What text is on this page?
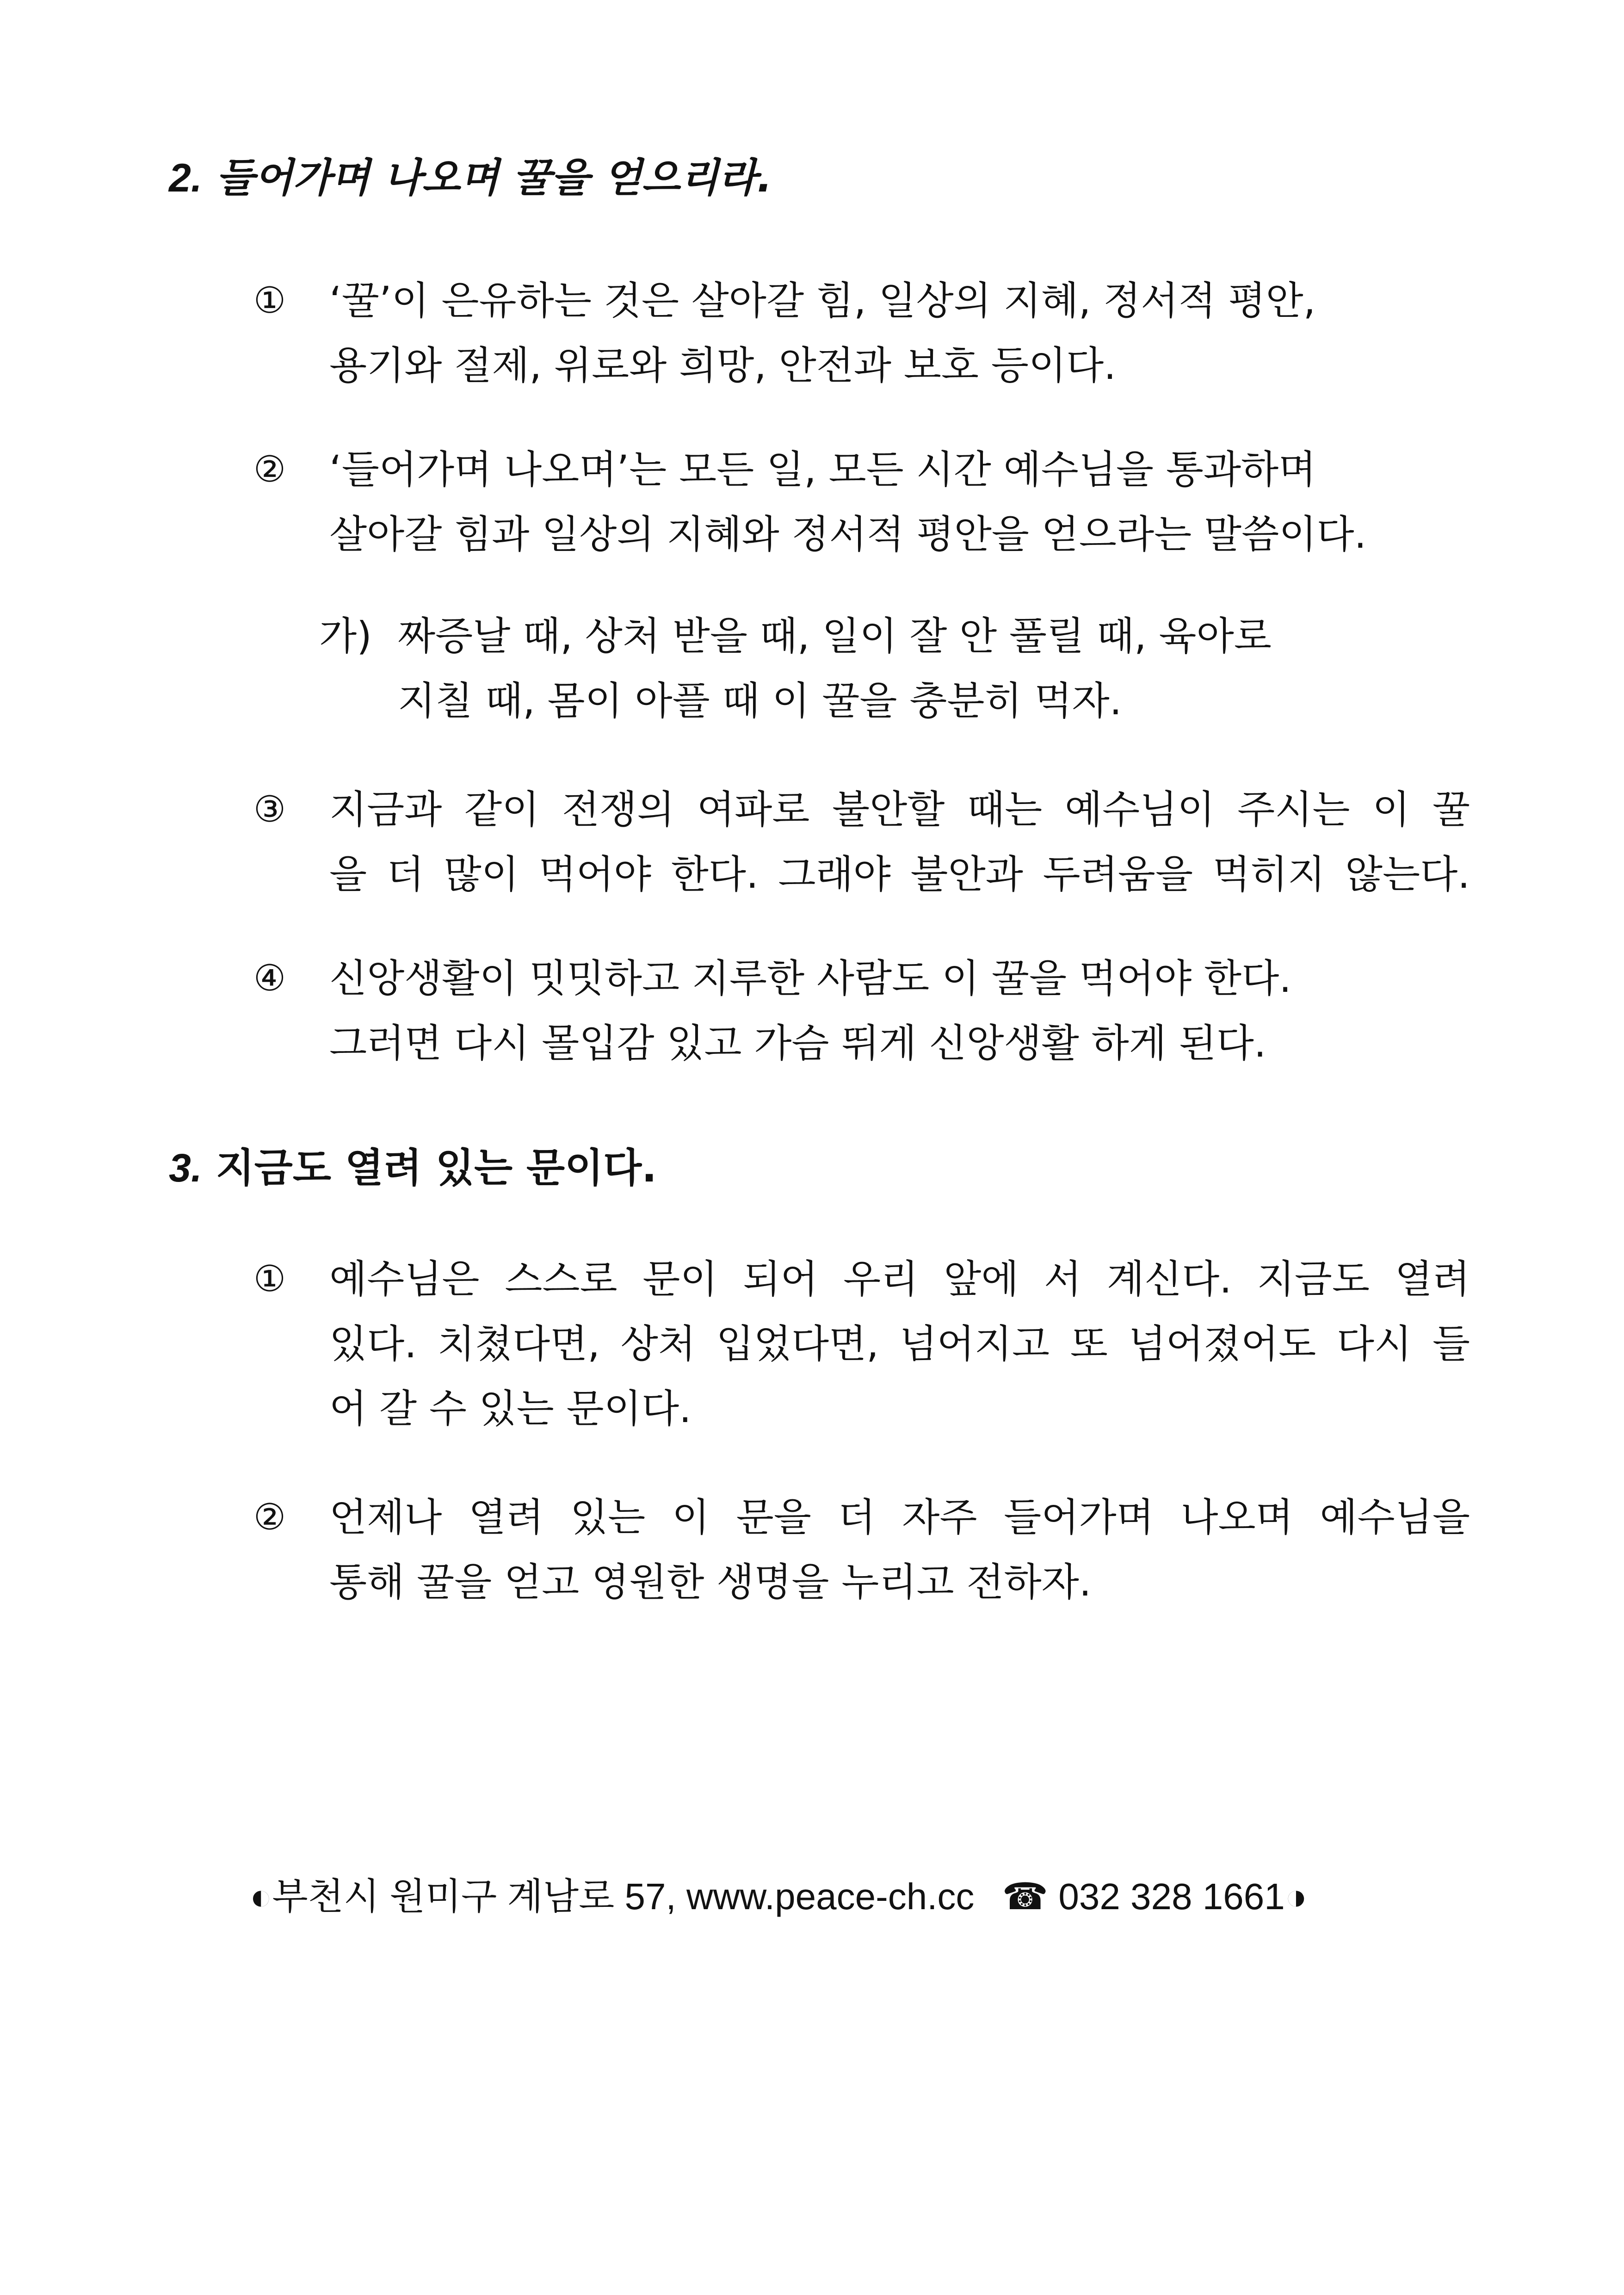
2. 들어가며 나오며 꿀을 얻으리라.
① ‘꿀’이 은유하는 것은 살아갈 힘, 일상의 지혜, 정서적 평안,
용기와 절제, 위로와 희망, 안전과 보호 등이다.
② ‘들어가며 나오며’는 모든 일, 모든 시간 예수님을 통과하며
살아갈 힘과 일상의 지혜와 정서적 평안을 얻으라는 말씀이다.
가) 짜증날 때, 상처 받을 때, 일이 잘 안 풀릴 때, 육아로
지칠 때, 몸이 아플 때 이 꿀을 충분히 먹자.
③ 지금과 같이 전쟁의 여파로 불안할 때는 예수님이 주시는 이 꿀
을 더 많이 먹어야 한다. 그래야 불안과 두려움을 먹히지 않는다.
④ 신앙생활이 밋밋하고 지루한 사람도 이 꿀을 먹어야 한다.
그러면 다시 몰입감 있고 가슴 뛰게 신앙생활 하게 된다.
3. 지금도 열려 있는 문이다.
① 예수님은 스스로 문이 되어 우리 앞에 서 계신다. 지금도 열려
있다. 치쳤다면, 상처 입었다면, 넘어지고 또 넘어졌어도 다시 들
어 갈 수 있는 문이다.
② 언제나 열려 있는 이 문을 더 자주 들어가며 나오며 예수님을
통해 꿀을 얻고 영원한 생명을 누리고 전하자.
◐부천시 원미구 계남로 57, www.peace-ch.cc ☎ 032 328 1661◑
